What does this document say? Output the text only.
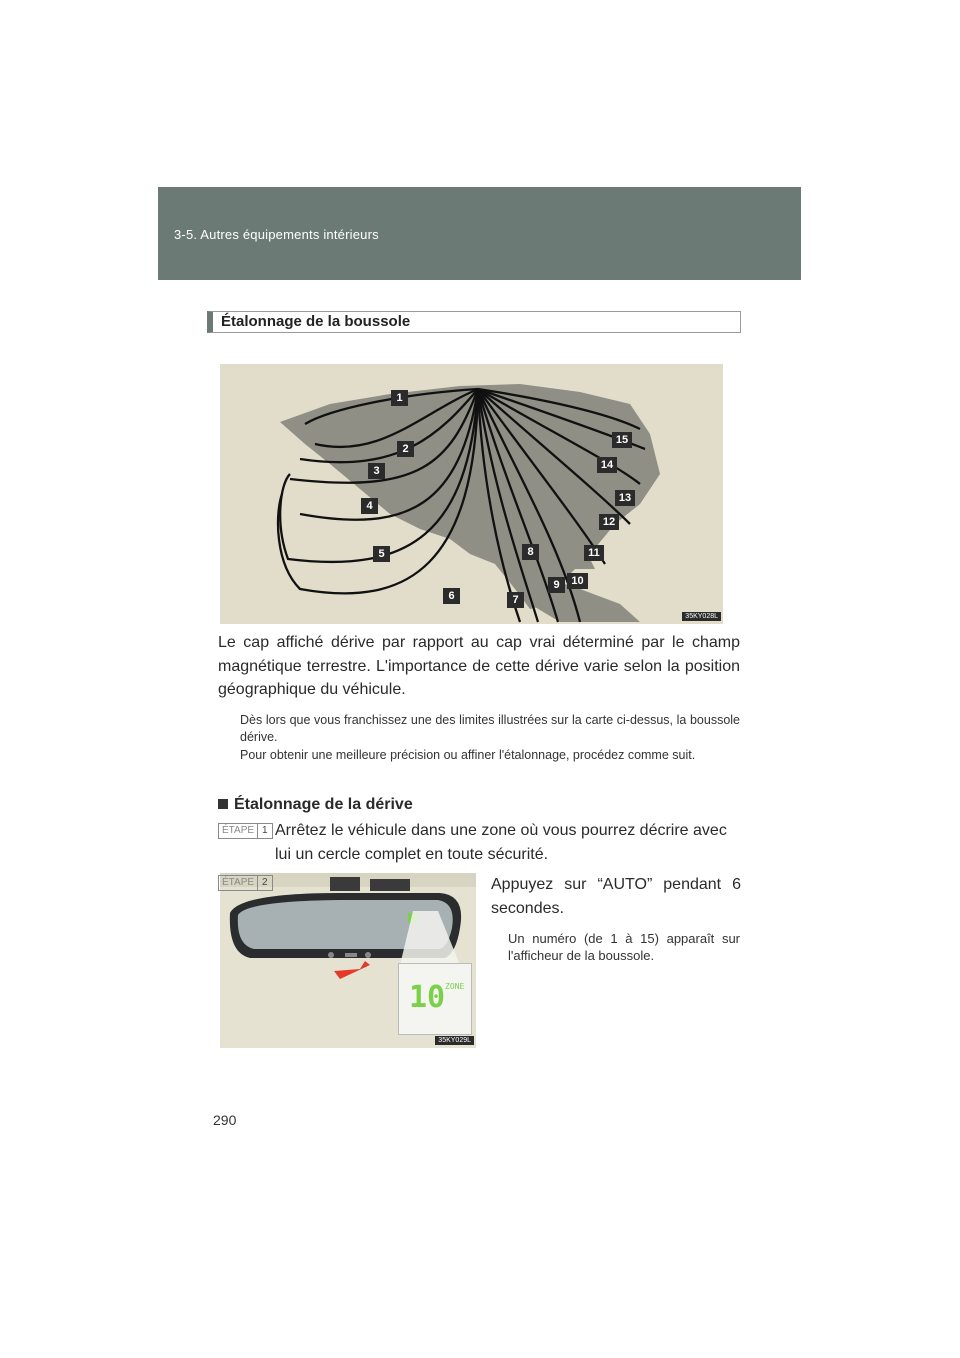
3-5. Autres équipements intérieurs
Étalonnage de la boussole
1
2
3
4
5
6	7
8
9	10
11
12
13
14
15
35KY028L
Le cap affiché dérive par rapport au cap vrai déterminé par le champ magnétique terrestre. L'importance de cette dérive varie selon la position géographique du véhicule.
Dès lors que vous franchissez une des limites illustrées sur la carte ci-dessus, la boussole dérive.
Pour obtenir une meilleure précision ou affiner l'étalonnage, procédez comme suit.
Étalonnage de la dérive
ÉTAPE 1 Arrêtez le véhicule dans une zone où vous pourrez décrire avec lui un cercle complet en toute sécurité.
35KY029L
10 ZONE
ÉTAPE 2	Appuyez sur “AUTO” pendant 6 secondes.
Un numéro (de 1 à 15) apparaît sur l'afficheur de la boussole.
290
